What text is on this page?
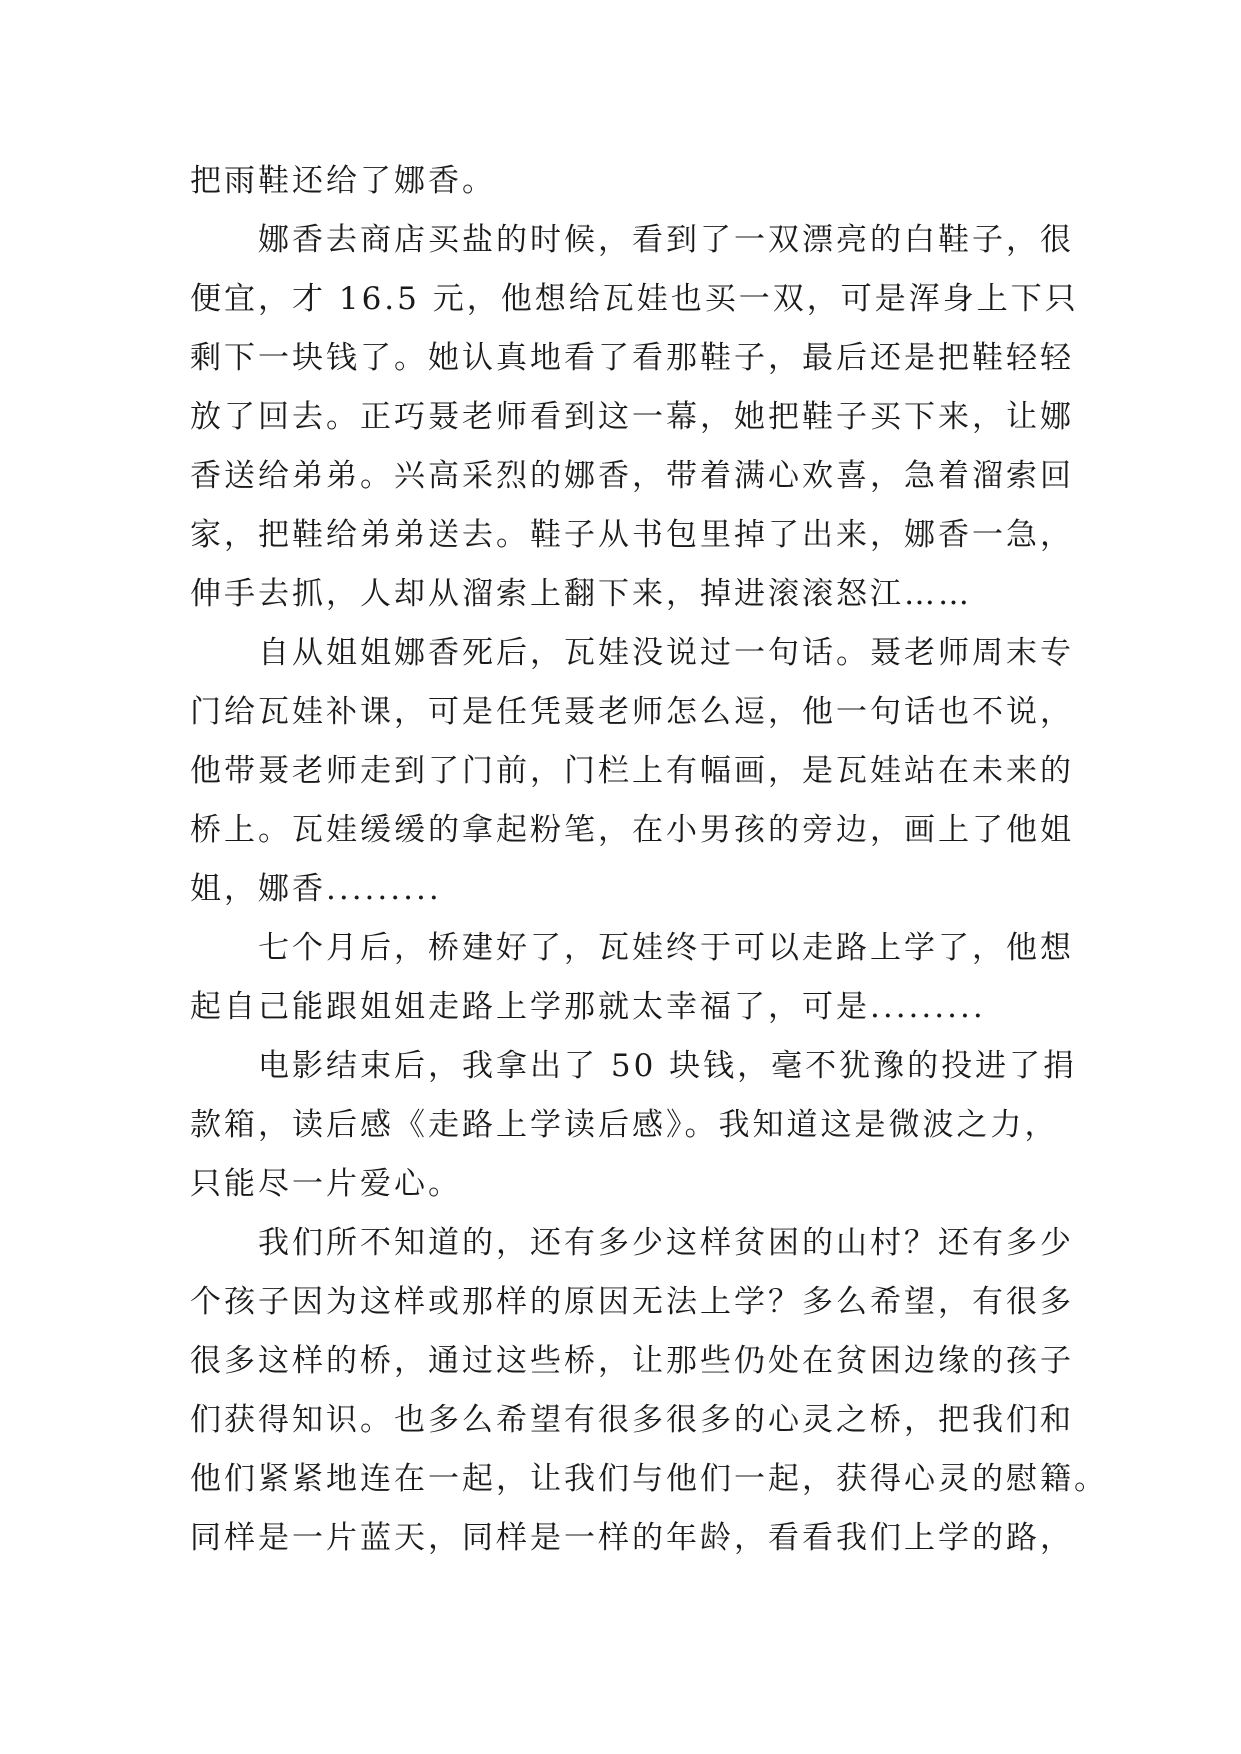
把雨鞋还给了娜香。

娜香去商店买盐的时候，看到了一双漂亮的白鞋子，很
便宜，才 16.5 元，他想给瓦娃也买一双，可是浑身上下只
剩下一块钱了。她认真地看了看那鞋子，最后还是把鞋轻轻
放了回去。正巧聂老师看到这一幕，她把鞋子买下来，让娜
香送给弟弟。兴高采烈的娜香，带着满心欢喜，急着溜索回
家，把鞋给弟弟送去。鞋子从书包里掉了出来，娜香一急，
伸手去抓，人却从溜索上翻下来，掉进滚滚怒江……

自从姐姐娜香死后，瓦娃没说过一句话。聂老师周末专
门给瓦娃补课，可是任凭聂老师怎么逗，他一句话也不说，
他带聂老师走到了门前，门栏上有幅画，是瓦娃站在未来的
桥上。瓦娃缓缓的拿起粉笔，在小男孩的旁边，画上了他姐
姐，娜香.........

七个月后，桥建好了，瓦娃终于可以走路上学了，他想
起自己能跟姐姐走路上学那就太幸福了，可是.........

电影结束后，我拿出了 50 块钱，毫不犹豫的投进了捐
款箱，读后感《走路上学读后感》。我知道这是微波之力，
只能尽一片爱心。

我们所不知道的，还有多少这样贫困的山村？还有多少
个孩子因为这样或那样的原因无法上学？多么希望，有很多
很多这样的桥，通过这些桥，让那些仍处在贫困边缘的孩子
们获得知识。也多么希望有很多很多的心灵之桥，把我们和
他们紧紧地连在一起，让我们与他们一起，获得心灵的慰籍。
同样是一片蓝天，同样是一样的年龄，看看我们上学的路，
